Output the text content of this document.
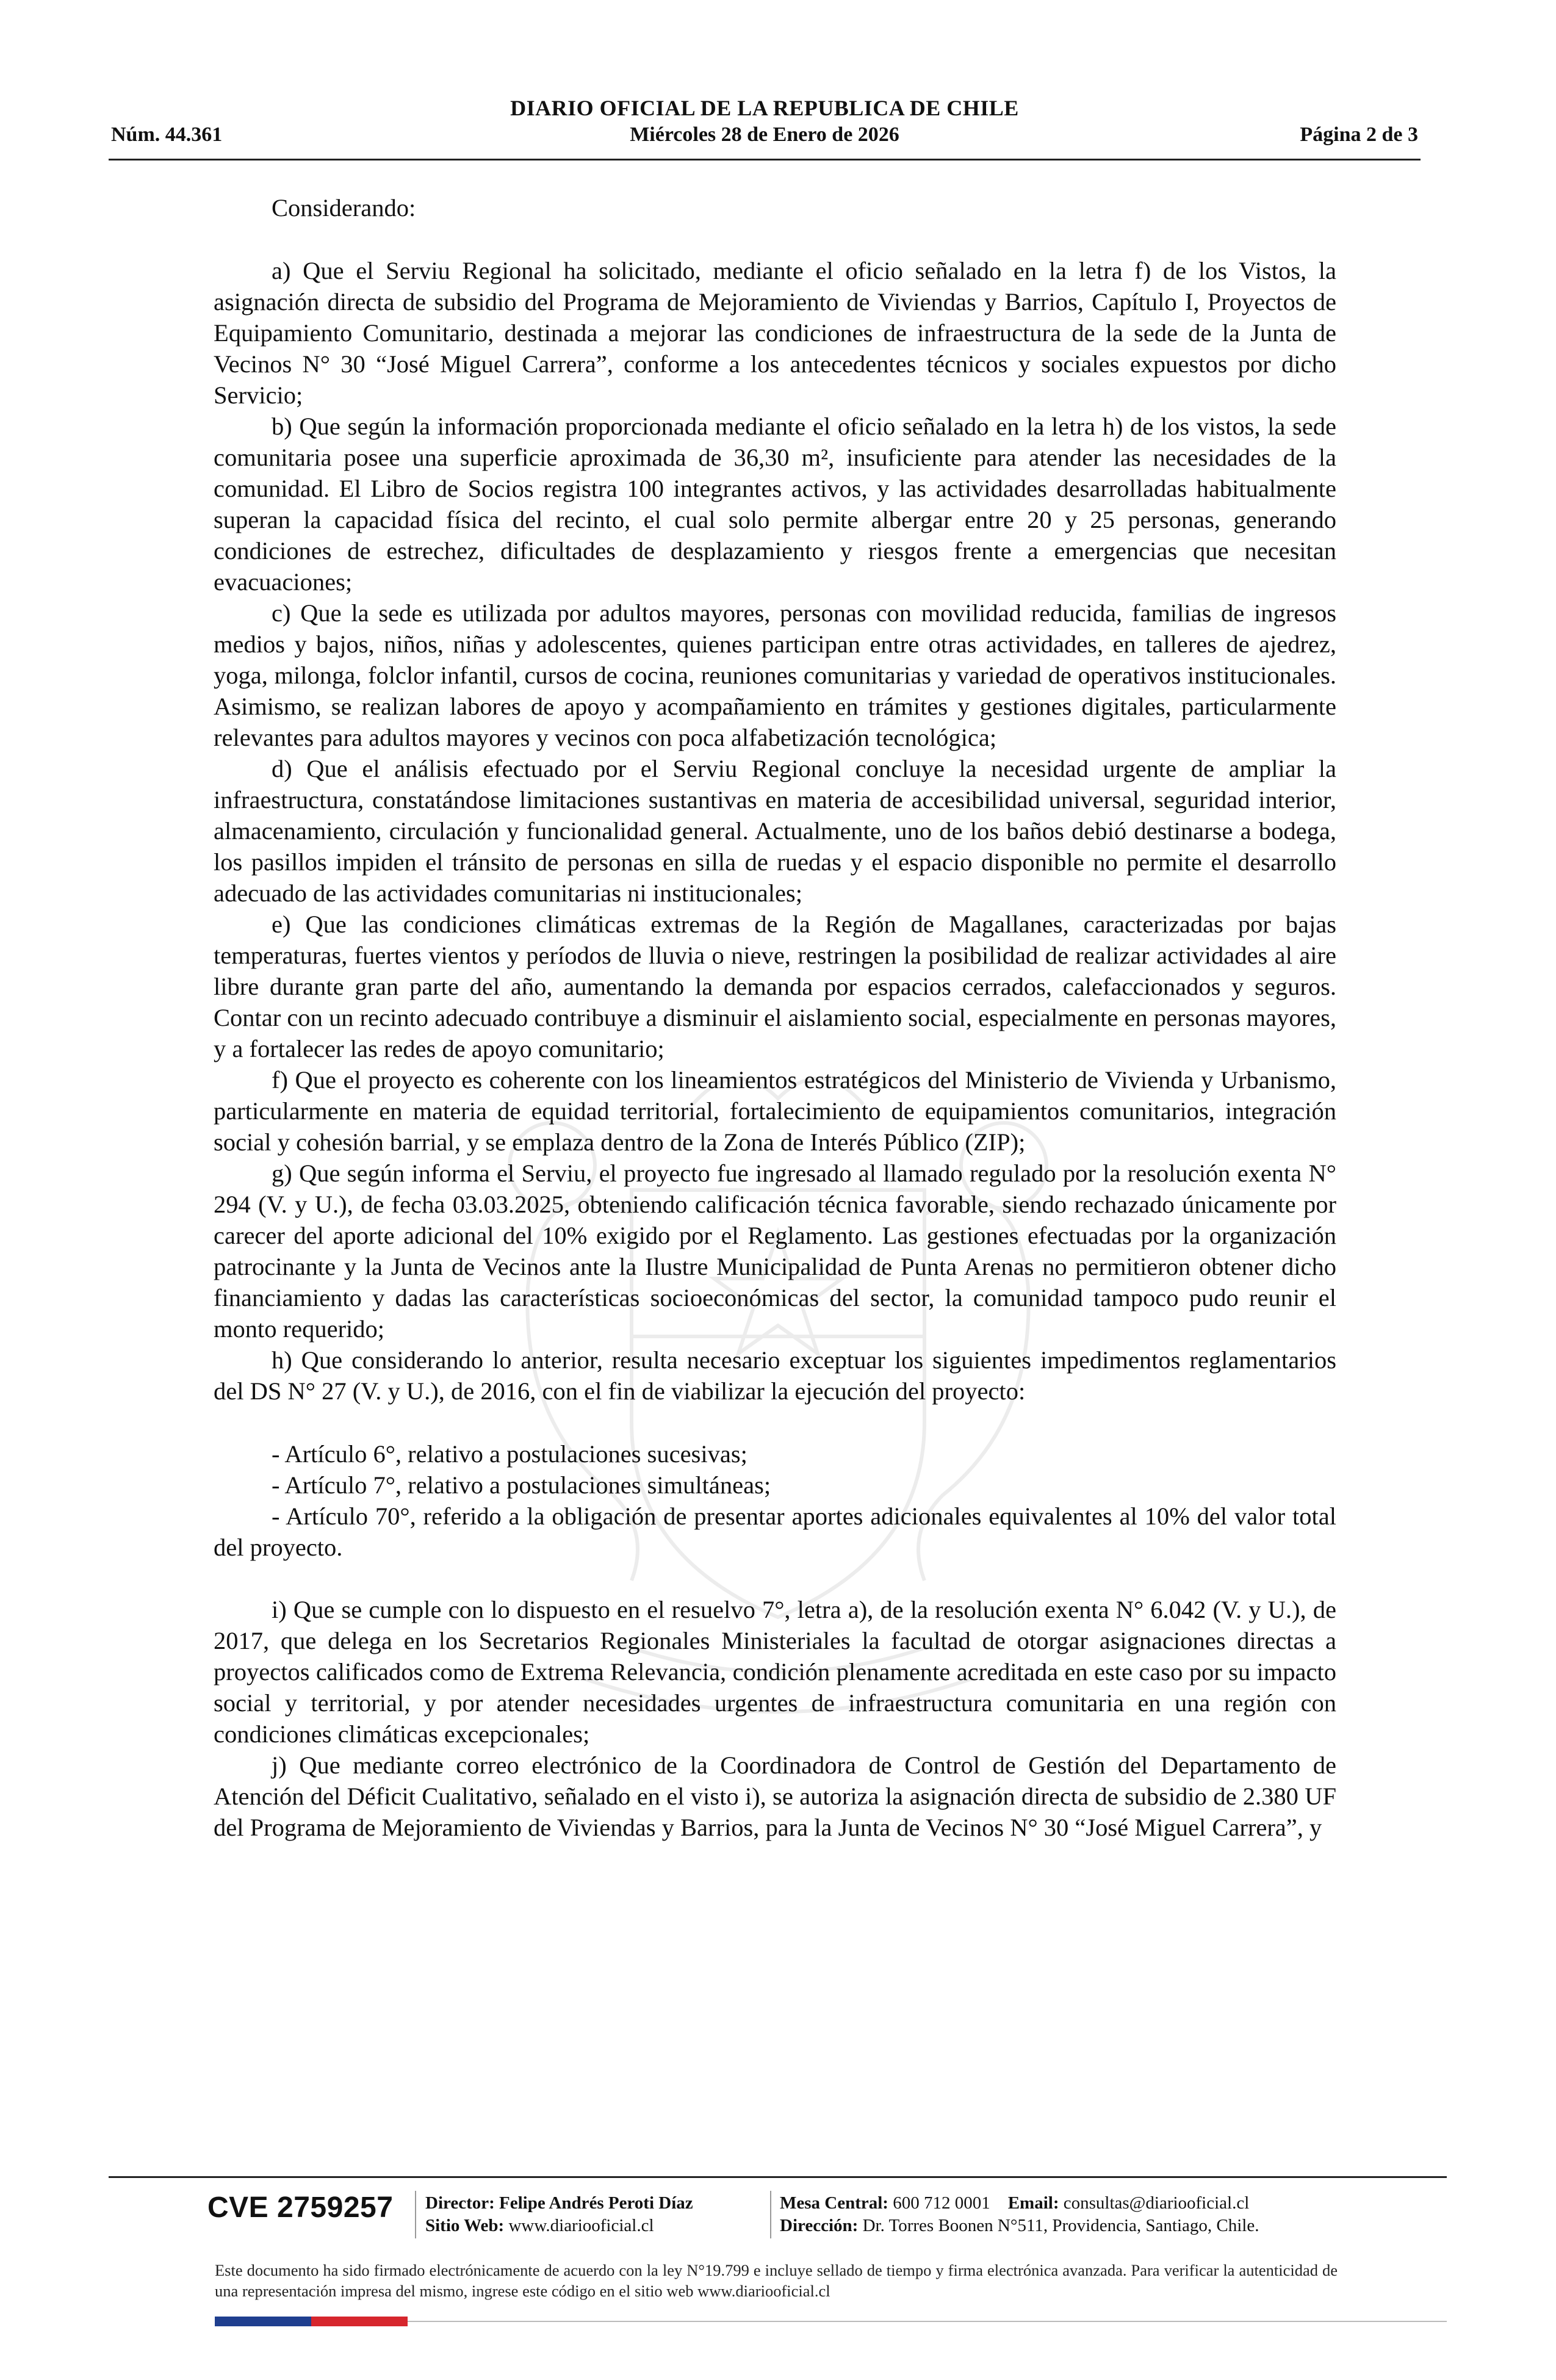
DIARIO OFICIAL DE LA REPUBLICA DE CHILE
Núm. 44.361	Miércoles 28 de Enero de 2026	Página 2 de 3

Considerando:

a) Que el Serviu Regional ha solicitado, mediante el oficio señalado en la letra f) de los Vistos, la asignación directa de subsidio del Programa de Mejoramiento de Viviendas y Barrios, Capítulo I, Proyectos de Equipamiento Comunitario, destinada a mejorar las condiciones de infraestructura de la sede de la Junta de Vecinos N° 30 “José Miguel Carrera”, conforme a los antecedentes técnicos y sociales expuestos por dicho Servicio;

b) Que según la información proporcionada mediante el oficio señalado en la letra h) de los vistos, la sede comunitaria posee una superficie aproximada de 36,30 m², insuficiente para atender las necesidades de la comunidad. El Libro de Socios registra 100 integrantes activos, y las actividades desarrolladas habitualmente superan la capacidad física del recinto, el cual solo permite albergar entre 20 y 25 personas, generando condiciones de estrechez, dificultades de desplazamiento y riesgos frente a emergencias que necesitan evacuaciones;

c) Que la sede es utilizada por adultos mayores, personas con movilidad reducida, familias de ingresos medios y bajos, niños, niñas y adolescentes, quienes participan entre otras actividades, en talleres de ajedrez, yoga, milonga, folclor infantil, cursos de cocina, reuniones comunitarias y variedad de operativos institucionales. Asimismo, se realizan labores de apoyo y acompañamiento en trámites y gestiones digitales, particularmente relevantes para adultos mayores y vecinos con poca alfabetización tecnológica;

d) Que el análisis efectuado por el Serviu Regional concluye la necesidad urgente de ampliar la infraestructura, constatándose limitaciones sustantivas en materia de accesibilidad universal, seguridad interior, almacenamiento, circulación y funcionalidad general. Actualmente, uno de los baños debió destinarse a bodega, los pasillos impiden el tránsito de personas en silla de ruedas y el espacio disponible no permite el desarrollo adecuado de las actividades comunitarias ni institucionales;

e) Que las condiciones climáticas extremas de la Región de Magallanes, caracterizadas por bajas temperaturas, fuertes vientos y períodos de lluvia o nieve, restringen la posibilidad de realizar actividades al aire libre durante gran parte del año, aumentando la demanda por espacios cerrados, calefaccionados y seguros. Contar con un recinto adecuado contribuye a disminuir el aislamiento social, especialmente en personas mayores, y a fortalecer las redes de apoyo comunitario;

f) Que el proyecto es coherente con los lineamientos estratégicos del Ministerio de Vivienda y Urbanismo, particularmente en materia de equidad territorial, fortalecimiento de equipamientos comunitarios, integración social y cohesión barrial, y se emplaza dentro de la Zona de Interés Público (ZIP);

g) Que según informa el Serviu, el proyecto fue ingresado al llamado regulado por la resolución exenta N° 294 (V. y U.), de fecha 03.03.2025, obteniendo calificación técnica favorable, siendo rechazado únicamente por carecer del aporte adicional del 10% exigido por el Reglamento. Las gestiones efectuadas por la organización patrocinante y la Junta de Vecinos ante la Ilustre Municipalidad de Punta Arenas no permitieron obtener dicho financiamiento y dadas las características socioeconómicas del sector, la comunidad tampoco pudo reunir el monto requerido;

h) Que considerando lo anterior, resulta necesario exceptuar los siguientes impedimentos reglamentarios del DS N° 27 (V. y U.), de 2016, con el fin de viabilizar la ejecución del proyecto:

- Artículo 6°, relativo a postulaciones sucesivas;
- Artículo 7°, relativo a postulaciones simultáneas;
- Artículo 70°, referido a la obligación de presentar aportes adicionales equivalentes al 10% del valor total del proyecto.

i) Que se cumple con lo dispuesto en el resuelvo 7°, letra a), de la resolución exenta N° 6.042 (V. y U.), de 2017, que delega en los Secretarios Regionales Ministeriales la facultad de otorgar asignaciones directas a proyectos calificados como de Extrema Relevancia, condición plenamente acreditada en este caso por su impacto social y territorial, y por atender necesidades urgentes de infraestructura comunitaria en una región con condiciones climáticas excepcionales;

j) Que mediante correo electrónico de la Coordinadora de Control de Gestión del Departamento de Atención del Déficit Cualitativo, señalado en el visto i), se autoriza la asignación directa de subsidio de 2.380 UF del Programa de Mejoramiento de Viviendas y Barrios, para la Junta de Vecinos N° 30 “José Miguel Carrera”, y

CVE 2759257 Director: Felipe Andrés Peroti Díaz
Sitio Web: www.diariooficial.cl
Mesa Central: 600 712 0001 Email: consultas@diariooficial.cl
Dirección: Dr. Torres Boonen N°511, Providencia, Santiago, Chile.
Este documento ha sido firmado electrónicamente de acuerdo con la ley N°19.799 e incluye sellado de tiempo y firma electrónica avanzada. Para verificar la autenticidad de una representación impresa del mismo, ingrese este código en el sitio web www.diariooficial.cl
